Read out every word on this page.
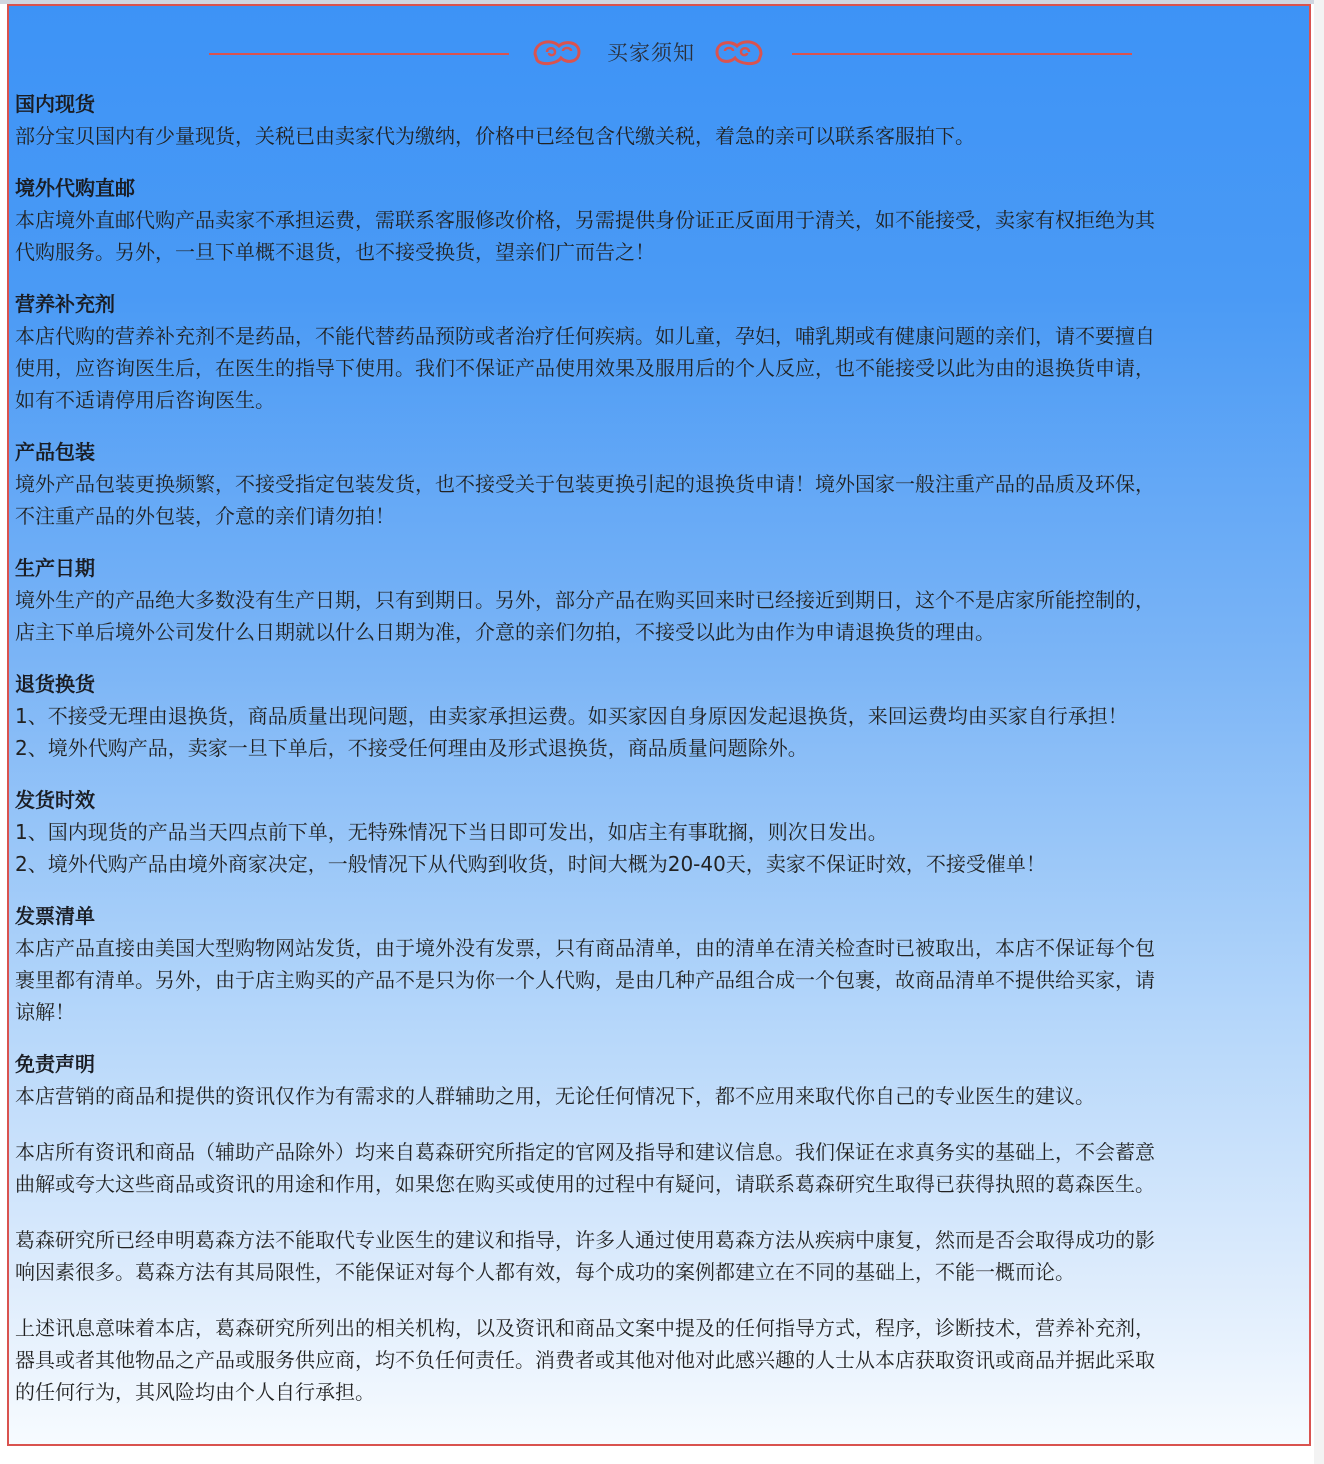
买家须知
国内现货
部分宝贝国内有少量现货，关税已由卖家代为缴纳，价格中已经包含代缴关税，着急的亲可以联系客服拍下。
境外代购直邮
本店境外直邮代购产品卖家不承担运费，需联系客服修改价格，另需提供身份证正反面用于清关，如不能接受，卖家有权拒绝为其
代购服务。另外，一旦下单概不退货，也不接受换货，望亲们广而告之！
营养补充剂
本店代购的营养补充剂不是药品，不能代替药品预防或者治疗任何疾病。如儿童，孕妇，哺乳期或有健康问题的亲们，请不要擅自
使用，应咨询医生后，在医生的指导下使用。我们不保证产品使用效果及服用后的个人反应，也不能接受以此为由的退换货申请，
如有不适请停用后咨询医生。
产品包装
境外产品包装更换频繁，不接受指定包装发货，也不接受关于包装更换引起的退换货申请！境外国家一般注重产品的品质及环保，
不注重产品的外包装，介意的亲们请勿拍！
生产日期
境外生产的产品绝大多数没有生产日期，只有到期日。另外，部分产品在购买回来时已经接近到期日，这个不是店家所能控制的，
店主下单后境外公司发什么日期就以什么日期为准，介意的亲们勿拍，不接受以此为由作为申请退换货的理由。
退货换货
1、不接受无理由退换货，商品质量出现问题，由卖家承担运费。如买家因自身原因发起退换货，来回运费均由买家自行承担！
2、境外代购产品，卖家一旦下单后，不接受任何理由及形式退换货，商品质量问题除外。
发货时效
1、国内现货的产品当天四点前下单，无特殊情况下当日即可发出，如店主有事耽搁，则次日发出。
2、境外代购产品由境外商家决定，一般情况下从代购到收货，时间大概为20-40天，卖家不保证时效，不接受催单！
发票清单
本店产品直接由美国大型购物网站发货，由于境外没有发票，只有商品清单，由的清单在清关检查时已被取出，本店不保证每个包
裹里都有清单。另外，由于店主购买的产品不是只为你一个人代购，是由几种产品组合成一个包裹，故商品清单不提供给买家，请
谅解！
免责声明
本店营销的商品和提供的资讯仅作为有需求的人群辅助之用，无论任何情况下，都不应用来取代你自己的专业医生的建议。
本店所有资讯和商品（辅助产品除外）均来自葛森研究所指定的官网及指导和建议信息。我们保证在求真务实的基础上，不会蓄意
曲解或夸大这些商品或资讯的用途和作用，如果您在购买或使用的过程中有疑问，请联系葛森研究生取得已获得执照的葛森医生。
葛森研究所已经申明葛森方法不能取代专业医生的建议和指导，许多人通过使用葛森方法从疾病中康复，然而是否会取得成功的影
响因素很多。葛森方法有其局限性，不能保证对每个人都有效，每个成功的案例都建立在不同的基础上，不能一概而论。
上述讯息意味着本店，葛森研究所列出的相关机构，以及资讯和商品文案中提及的任何指导方式，程序，诊断技术，营养补充剂，
器具或者其他物品之产品或服务供应商，均不负任何责任。消费者或其他对他对此感兴趣的人士从本店获取资讯或商品并据此采取
的任何行为，其风险均由个人自行承担。
